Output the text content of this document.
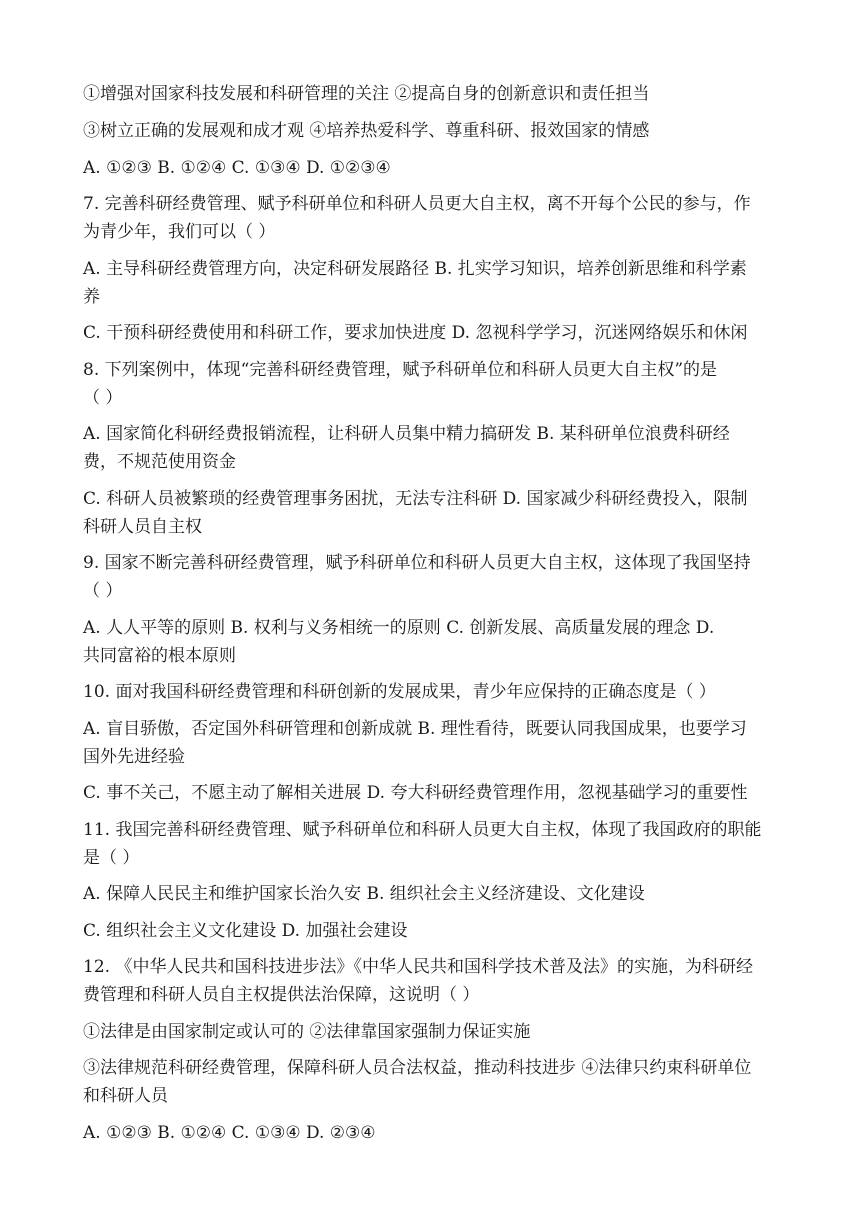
①增强对国家科技发展和科研管理的关注 ②提高自身的创新意识和责任担当
③树立正确的发展观和成才观 ④培养热爱科学、尊重科研、报效国家的情感
A. ①②③ B. ①②④ C. ①③④ D. ①②③④
7. 完善科研经费管理、赋予科研单位和科研人员更大自主权，离不开每个公民的参与，作
为青少年，我们可以（ ）
A. 主导科研经费管理方向，决定科研发展路径 B. 扎实学习知识，培养创新思维和科学素
养
C. 干预科研经费使用和科研工作，要求加快进度 D. 忽视科学学习，沉迷网络娱乐和休闲
8. 下列案例中，体现“完善科研经费管理，赋予科研单位和科研人员更大自主权”的是
（ ）
A. 国家简化科研经费报销流程，让科研人员集中精力搞研发 B. 某科研单位浪费科研经
费，不规范使用资金
C. 科研人员被繁琐的经费管理事务困扰，无法专注科研 D. 国家减少科研经费投入，限制
科研人员自主权
9. 国家不断完善科研经费管理，赋予科研单位和科研人员更大自主权，这体现了我国坚持
（ ）
A. 人人平等的原则 B. 权利与义务相统一的原则 C. 创新发展、高质量发展的理念 D.
共同富裕的根本原则
10. 面对我国科研经费管理和科研创新的发展成果，青少年应保持的正确态度是（ ）
A. 盲目骄傲，否定国外科研管理和创新成就 B. 理性看待，既要认同我国成果，也要学习
国外先进经验
C. 事不关己，不愿主动了解相关进展 D. 夸大科研经费管理作用，忽视基础学习的重要性
11. 我国完善科研经费管理、赋予科研单位和科研人员更大自主权，体现了我国政府的职能
是（ ）
A. 保障人民民主和维护国家长治久安 B. 组织社会主义经济建设、文化建设
C. 组织社会主义文化建设 D. 加强社会建设
12. 《中华人民共和国科技进步法》《中华人民共和国科学技术普及法》的实施，为科研经
费管理和科研人员自主权提供法治保障，这说明（ ）
①法律是由国家制定或认可的 ②法律靠国家强制力保证实施
③法律规范科研经费管理，保障科研人员合法权益，推动科技进步 ④法律只约束科研单位
和科研人员
A. ①②③ B. ①②④ C. ①③④ D. ②③④
